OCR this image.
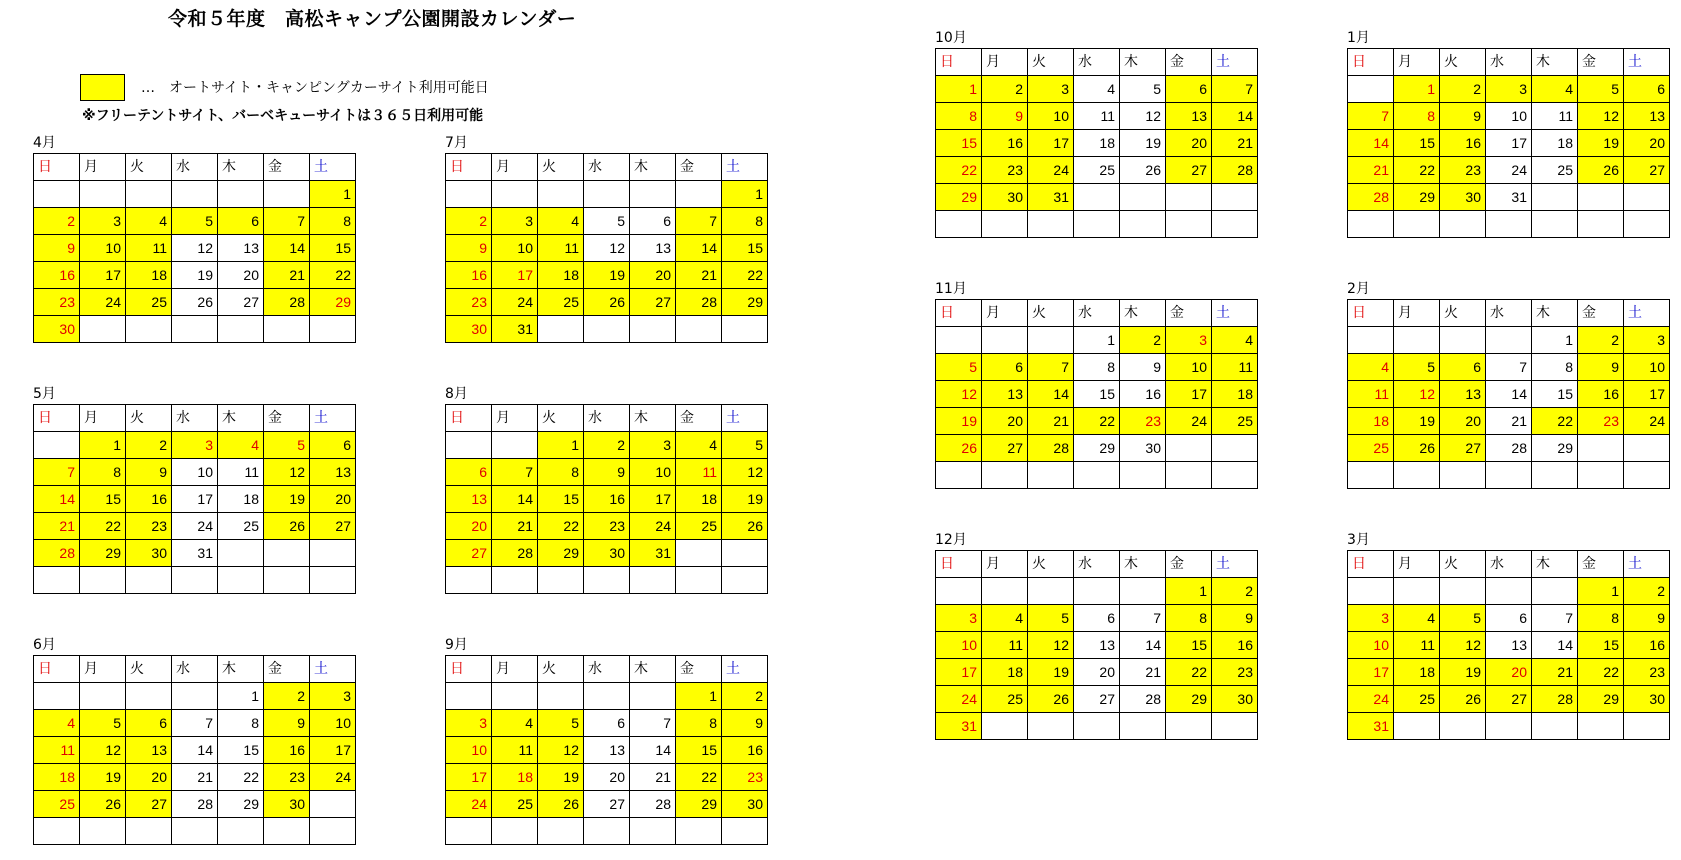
令和５年度　高松キャンプ公園開設カレンダー
…　オートサイト・キャンピングカーサイト利用可能日
※フリーテントサイト、バーベキューサイトは３６５日利用可能
4月
日	月	火	水	木	金	土
						1
2	3	4	5	6	7	8
9	10	11	12	13	14	15
16	17	18	19	20	21	22
23	24	25	26	27	28	29
30						
5月
日	月	火	水	木	金	土
	1	2	3	4	5	6
7	8	9	10	11	12	13
14	15	16	17	18	19	20
21	22	23	24	25	26	27
28	29	30	31			

6月
日	月	火	水	木	金	土
				1	2	3
4	5	6	7	8	9	10
11	12	13	14	15	16	17
18	19	20	21	22	23	24
25	26	27	28	29	30	

7月
日	月	火	水	木	金	土
						1
2	3	4	5	6	7	8
9	10	11	12	13	14	15
16	17	18	19	20	21	22
23	24	25	26	27	28	29
30	31					
8月
日	月	火	水	木	金	土
		1	2	3	4	5
6	7	8	9	10	11	12
13	14	15	16	17	18	19
20	21	22	23	24	25	26
27	28	29	30	31		

9月
日	月	火	水	木	金	土
					1	2
3	4	5	6	7	8	9
10	11	12	13	14	15	16
17	18	19	20	21	22	23
24	25	26	27	28	29	30

10月
日	月	火	水	木	金	土
1	2	3	4	5	6	7
8	9	10	11	12	13	14
15	16	17	18	19	20	21
22	23	24	25	26	27	28
29	30	31				

11月
日	月	火	水	木	金	土
			1	2	3	4
5	6	7	8	9	10	11
12	13	14	15	16	17	18
19	20	21	22	23	24	25
26	27	28	29	30		

12月
日	月	火	水	木	金	土
					1	2
3	4	5	6	7	8	9
10	11	12	13	14	15	16
17	18	19	20	21	22	23
24	25	26	27	28	29	30
31						
1月
日	月	火	水	木	金	土
	1	2	3	4	5	6
7	8	9	10	11	12	13
14	15	16	17	18	19	20
21	22	23	24	25	26	27
28	29	30	31			

2月
日	月	火	水	木	金	土
				1	2	3
4	5	6	7	8	9	10
11	12	13	14	15	16	17
18	19	20	21	22	23	24
25	26	27	28	29		

3月
日	月	火	水	木	金	土
					1	2
3	4	5	6	7	8	9
10	11	12	13	14	15	16
17	18	19	20	21	22	23
24	25	26	27	28	29	30
31						
